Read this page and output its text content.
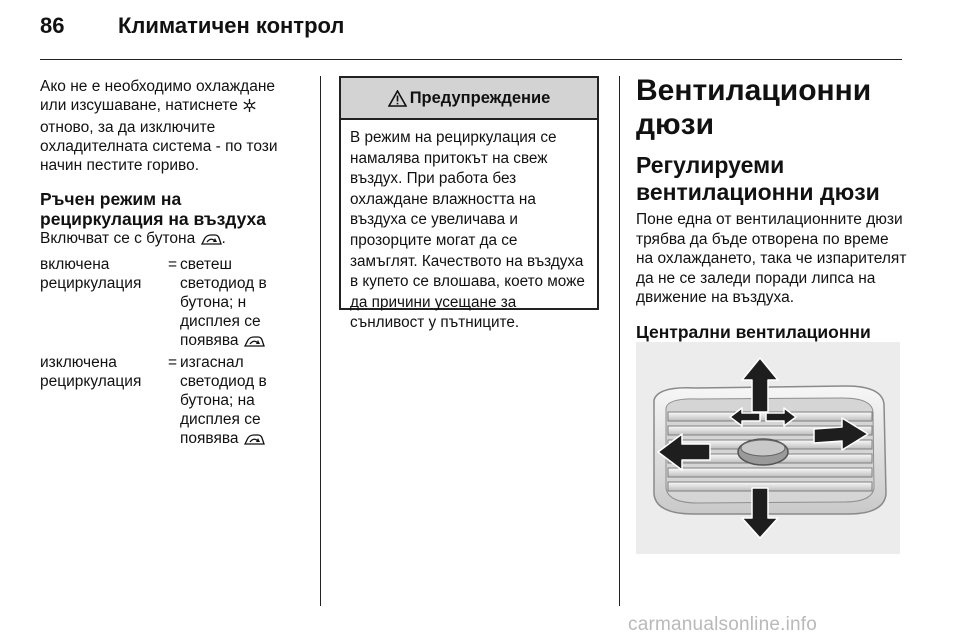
86 Климатичен контрол

Ако не е необходимо охлаждане или изсушаване, натиснете  отново, за да изключите охладителната система - по този начин пестите гориво.

Ръчен режим на рециркулация на въздуха

Включват се с бутона .

включена рециркулация
= светеш светодиод в бутона; н дисплея се появява
изключена рециркулация
= изгаснал светодиод в бутона; на дисплея се появява
Предупреждение
В режим на рециркулация се намалява притокът на свеж въздух. При работа без охлаждане влажността на въздуха се увеличава и прозорците могат да се замъглят. Качеството на въздуха в купето се влошава, което може да причини усещане за сънливост у пътниците.

Вентилационни дюзи

Регулируеми вентилационни дюзи

Поне една от вентилационните дюзи трябва да бъде отворена по време на охлаждането, така че изпарителят да не се заледи поради липса на движение на въздуха.

Централни вентилационни

carmanualsonline.info
